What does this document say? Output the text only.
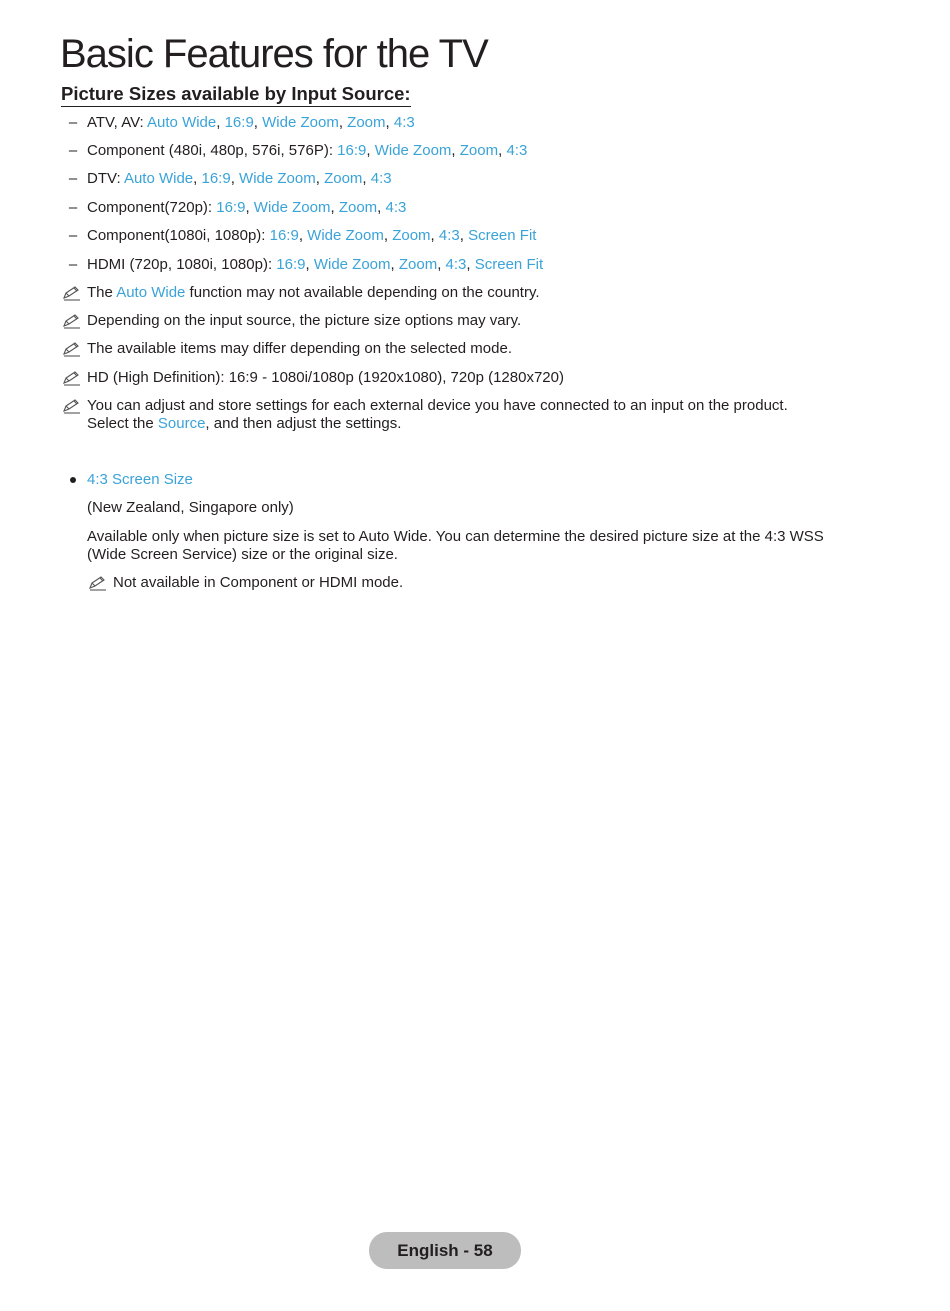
Basic Features for the TV
Picture Sizes available by Input Source:
– ATV, AV: Auto Wide, 16:9, Wide Zoom, Zoom, 4:3
– Component (480i, 480p, 576i, 576P): 16:9, Wide Zoom, Zoom, 4:3
– DTV: Auto Wide, 16:9, Wide Zoom, Zoom, 4:3
– Component(720p): 16:9, Wide Zoom, Zoom, 4:3
– Component(1080i, 1080p): 16:9, Wide Zoom, Zoom, 4:3, Screen Fit
– HDMI (720p, 1080i, 1080p): 16:9, Wide Zoom, Zoom, 4:3, Screen Fit
The Auto Wide function may not available depending on the country.
Depending on the input source, the picture size options may vary.
The available items may differ depending on the selected mode.
HD (High Definition): 16:9 - 1080i/1080p (1920x1080), 720p (1280x720)
You can adjust and store settings for each external device you have connected to an input on the product. Select the Source, and then adjust the settings.
4:3 Screen Size
(New Zealand, Singapore only)
Available only when picture size is set to Auto Wide. You can determine the desired picture size at the 4:3 WSS (Wide Screen Service) size or the original size.
Not available in Component or HDMI mode.
English - 58
